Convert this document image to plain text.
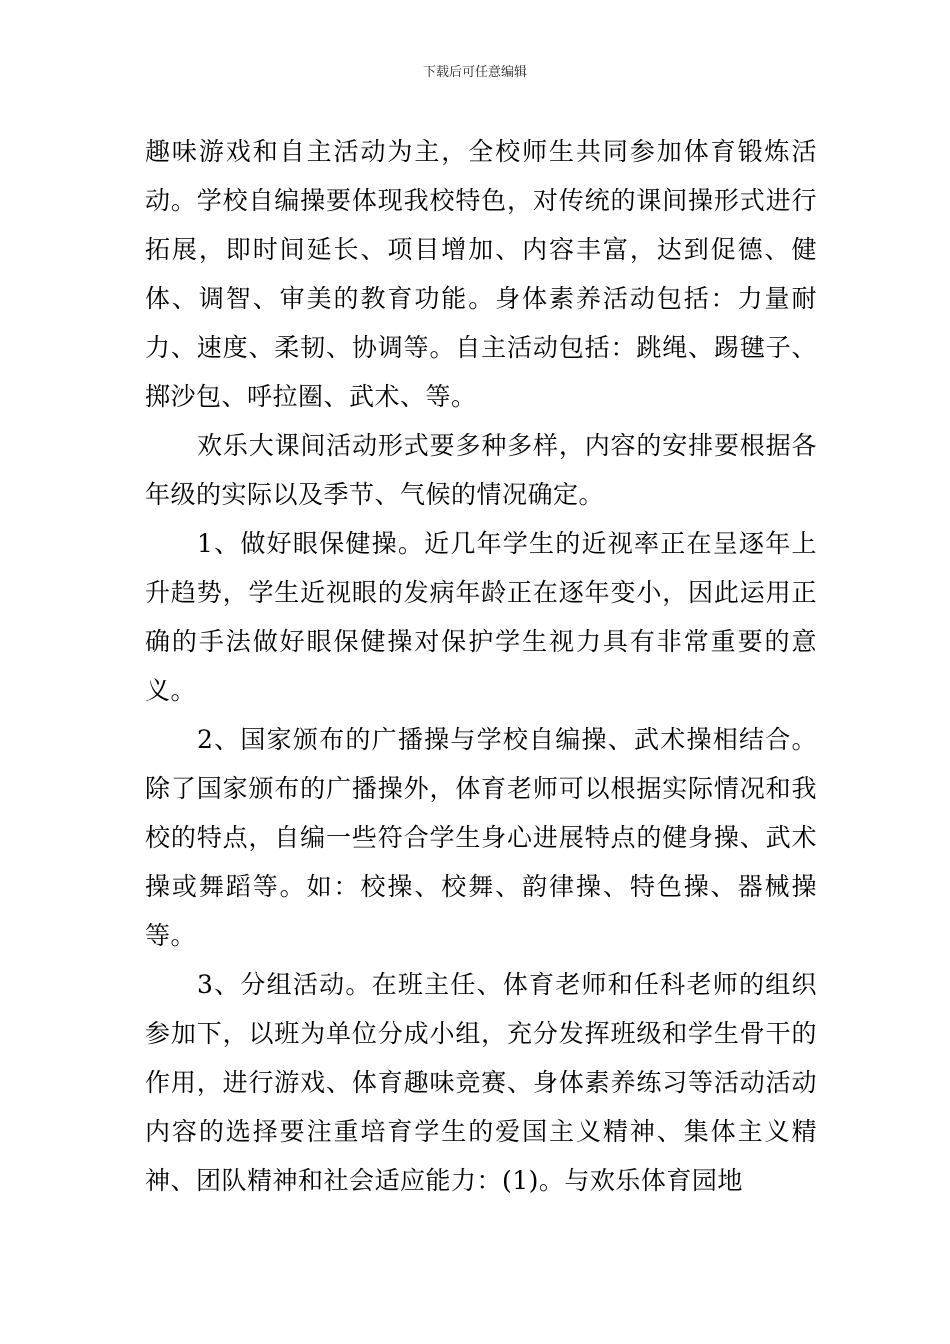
下载后可任意编辑

趣味游戏和自主活动为主，全校师生共同参加体育锻炼活动。学校自编操要体现我校特色，对传统的课间操形式进行拓展，即时间延长、项目增加、内容丰富，达到促德、健体、调智、审美的教育功能。身体素养活动包括：力量耐力、速度、柔韧、协调等。自主活动包括：跳绳、踢毽子、掷沙包、呼拉圈、武术、等。

欢乐大课间活动形式要多种多样，内容的安排要根据各年级的实际以及季节、气候的情况确定。

1、做好眼保健操。近几年学生的近视率正在呈逐年上升趋势，学生近视眼的发病年龄正在逐年变小，因此运用正确的手法做好眼保健操对保护学生视力具有非常重要的意义。

2、国家颁布的广播操与学校自编操、武术操相结合。除了国家颁布的广播操外，体育老师可以根据实际情况和我校的特点，自编一些符合学生身心进展特点的健身操、武术操或舞蹈等。如：校操、校舞、韵律操、特色操、器械操等。

3、分组活动。在班主任、体育老师和任科老师的组织参加下，以班为单位分成小组，充分发挥班级和学生骨干的作用，进行游戏、体育趣味竞赛、身体素养练习等活动活动内容的选择要注重培育学生的爱国主义精神、集体主义精神、团队精神和社会适应能力：(1)。与欢乐体育园地
